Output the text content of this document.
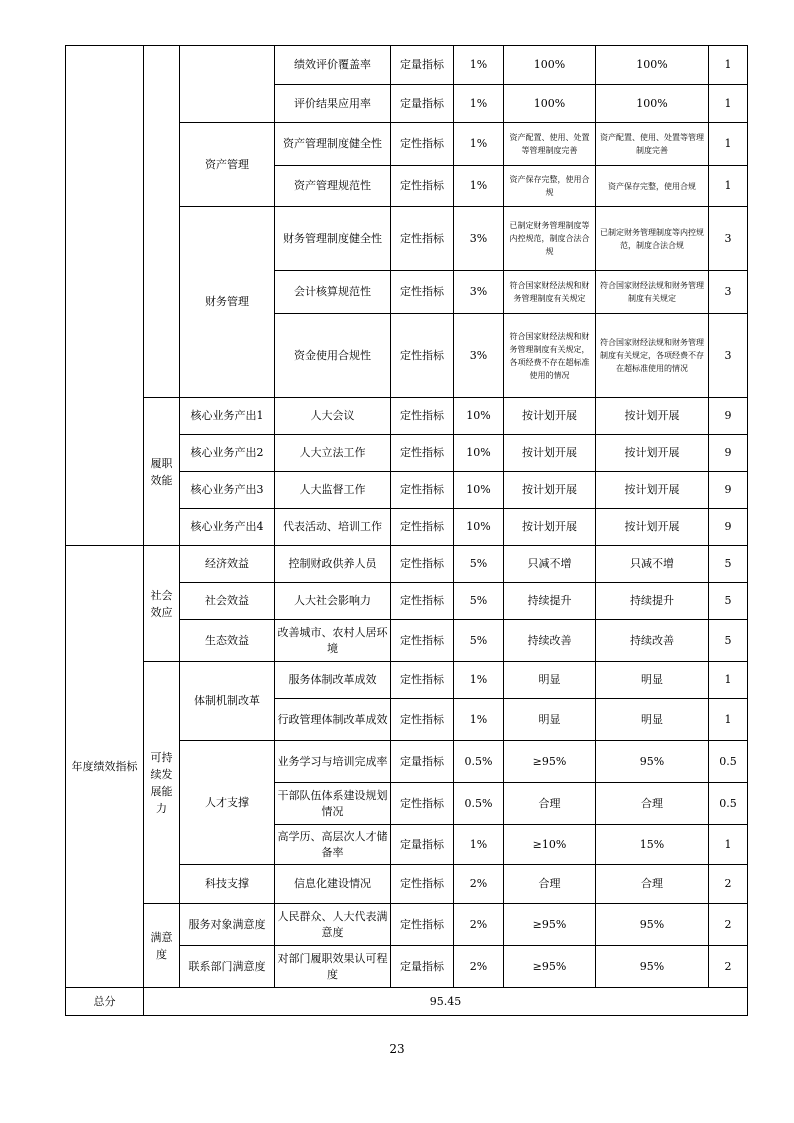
			绩效评价覆盖率	定量指标	1%	100%	100%	1
			评价结果应用率	定量指标	1%	100%	100%	1
		资产管理	资产管理制度健全性	定性指标	1%	资产配置、使用、处置等管理制度完善	资产配置、使用、处置等管理制度完善	1
			资产管理规范性	定性指标	1%	资产保存完整，使用合规	资产保存完整，使用合规	1
		财务管理	财务管理制度健全性	定性指标	3%	已制定财务管理制度等内控规范，制度合法合规	已制定财务管理制度等内控规范，制度合法合规	3
			会计核算规范性	定性指标	3%	符合国家财经法规和财务管理制度有关规定	符合国家财经法规和财务管理制度有关规定	3
			资金使用合规性	定性指标	3%	符合国家财经法规和财务管理制度有关规定，各项经费不存在超标准使用的情况	符合国家财经法规和财务管理制度有关规定，各项经费不存在超标准使用的情况	3
	履职效能	核心业务产出1	人大会议	定性指标	10%	按计划开展	按计划开展	9
		核心业务产出2	人大立法工作	定性指标	10%	按计划开展	按计划开展	9
		核心业务产出3	人大监督工作	定性指标	10%	按计划开展	按计划开展	9
		核心业务产出4	代表活动、培训工作	定性指标	10%	按计划开展	按计划开展	9
年度绩效指标	社会效应	经济效益	控制财政供养人员	定性指标	5%	只减不增	只减不增	5
		社会效益	人大社会影响力	定性指标	5%	持续提升	持续提升	5
		生态效益	改善城市、农村人居环境	定性指标	5%	持续改善	持续改善	5
	可持续发展能力	体制机制改革	服务体制改革成效	定性指标	1%	明显	明显	1
			行政管理体制改革成效	定性指标	1%	明显	明显	1
		人才支撑	业务学习与培训完成率	定量指标	0.5%	≥95%	95%	0.5
			干部队伍体系建设规划情况	定性指标	0.5%	合理	合理	0.5
			高学历、高层次人才储备率	定量指标	1%	≥10%	15%	1
		科技支撑	信息化建设情况	定性指标	2%	合理	合理	2
	满意度	服务对象满意度	人民群众、人大代表满意度	定性指标	2%	≥95%	95%	2
		联系部门满意度	对部门履职效果认可程度	定量指标	2%	≥95%	95%	2
总分	95.45							
23
